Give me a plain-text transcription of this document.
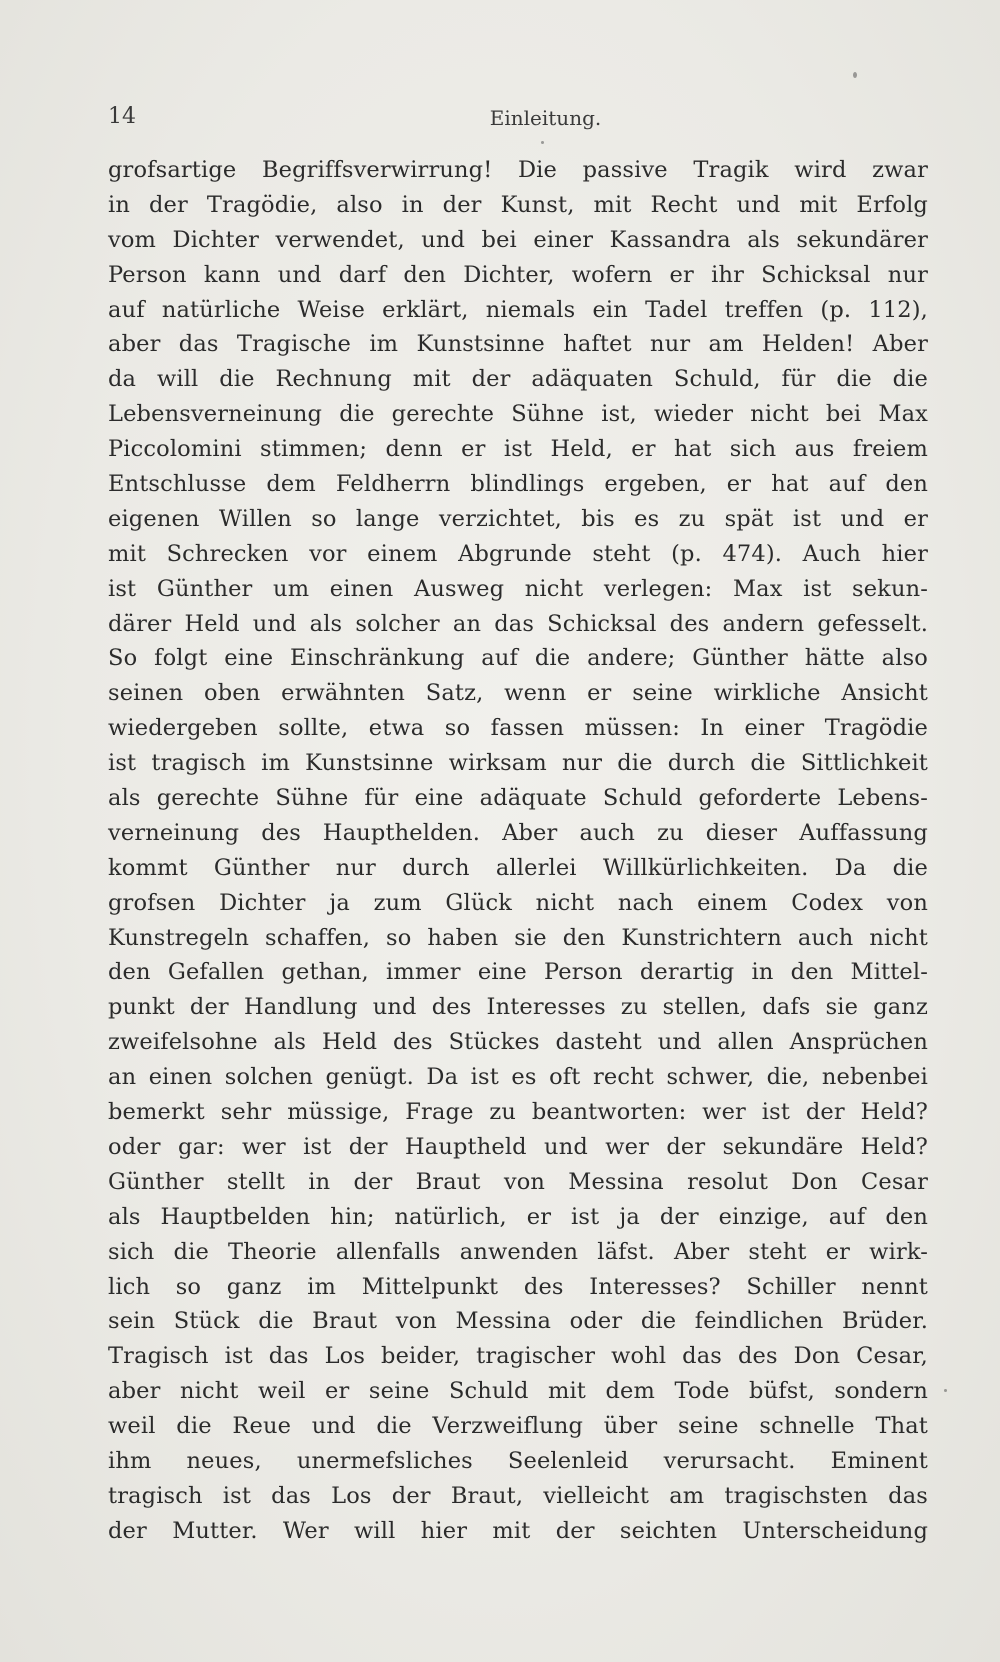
14	Einleitung.
grofsartige Begriffsverwirrung! Die passive Tragik wird zwar
in der Tragödie, also in der Kunst, mit Recht und mit Erfolg
vom Dichter verwendet, und bei einer Kassandra als sekundärer
Person kann und darf den Dichter, wofern er ihr Schicksal nur
auf natürliche Weise erklärt, niemals ein Tadel treffen (p. 112),
aber das Tragische im Kunstsinne haftet nur am Helden! Aber
da will die Rechnung mit der adäquaten Schuld, für die die
Lebensverneinung die gerechte Sühne ist, wieder nicht bei Max
Piccolomini stimmen; denn er ist Held, er hat sich aus freiem
Entschlusse dem Feldherrn blindlings ergeben, er hat auf den
eigenen Willen so lange verzichtet, bis es zu spät ist und er
mit Schrecken vor einem Abgrunde steht (p. 474). Auch hier
ist Günther um einen Ausweg nicht verlegen: Max ist sekun-
därer Held und als solcher an das Schicksal des andern gefesselt.
So folgt eine Einschränkung auf die andere; Günther hätte also
seinen oben erwähnten Satz, wenn er seine wirkliche Ansicht
wiedergeben sollte, etwa so fassen müssen: In einer Tragödie
ist tragisch im Kunstsinne wirksam nur die durch die Sittlichkeit
als gerechte Sühne für eine adäquate Schuld geforderte Lebens-
verneinung des Haupthelden. Aber auch zu dieser Auffassung
kommt Günther nur durch allerlei Willkürlichkeiten. Da die
grofsen Dichter ja zum Glück nicht nach einem Codex von
Kunstregeln schaffen, so haben sie den Kunstrichtern auch nicht
den Gefallen gethan, immer eine Person derartig in den Mittel-
punkt der Handlung und des Interesses zu stellen, dafs sie ganz
zweifelsohne als Held des Stückes dasteht und allen Ansprüchen
an einen solchen genügt. Da ist es oft recht schwer, die, nebenbei
bemerkt sehr müssige, Frage zu beantworten: wer ist der Held?
oder gar: wer ist der Hauptheld und wer der sekundäre Held?
Günther stellt in der Braut von Messina resolut Don Cesar
als Hauptbelden hin; natürlich, er ist ja der einzige, auf den
sich die Theorie allenfalls anwenden läfst. Aber steht er wirk-
lich so ganz im Mittelpunkt des Interesses? Schiller nennt
sein Stück die Braut von Messina oder die feindlichen Brüder.
Tragisch ist das Los beider, tragischer wohl das des Don Cesar,
aber nicht weil er seine Schuld mit dem Tode büfst, sondern
weil die Reue und die Verzweiflung über seine schnelle That
ihm neues, unermefsliches Seelenleid verursacht. Eminent
tragisch ist das Los der Braut, vielleicht am tragischsten das
der Mutter. Wer will hier mit der seichten Unterscheidung
